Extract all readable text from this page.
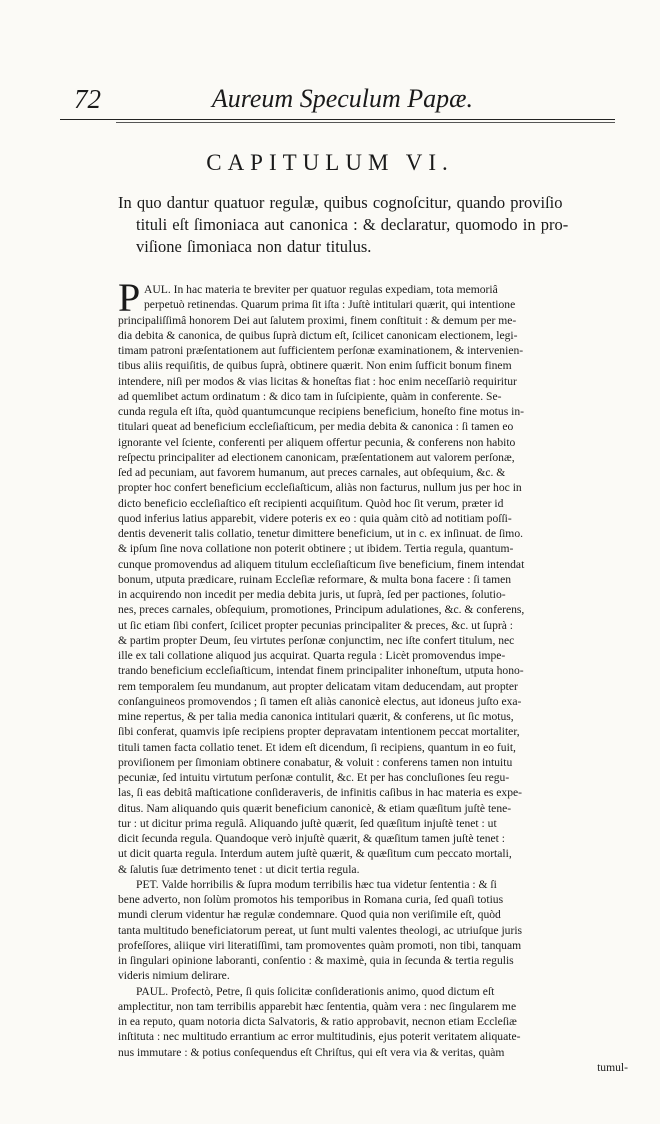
72	Aureum Speculum Papæ.
CAPITULUM VI.
In quo dantur quatuor regulæ, quibus cognoſcitur, quando proviſio
tituli eſt ſimoniaca aut canonica : & declaratur, quomodo in pro-
viſione ſimoniaca non datur titulus.
P AUL. In hac materia te breviter per quatuor regulas expediam, tota memoriâ
perpetuò retinendas. Quarum prima ſit iſta : Juſtè intitulari quærit, qui intentione
principaliſſimâ honorem Dei aut ſalutem proximi, finem conſtituit : & demum per me-
dia debita & canonica, de quibus ſuprà dictum eſt, ſcilicet canonicam electionem, legi-
timam patroni præſentationem aut ſufficientem perſonæ examinationem, & intervenien-
tibus aliis requiſitis, de quibus ſuprà, obtinere quærit. Non enim ſufficit bonum finem
intendere, niſi per modos & vias licitas & honeſtas fiat : hoc enim neceſſariò requiritur
ad quemlibet actum ordinatum : & dico tam in ſuſcipiente, quàm in conferente. Se-
cunda regula eſt iſta, quòd quantumcunque recipiens beneficium, honeſto fine motus in-
titulari queat ad beneficium eccleſiaſticum, per media debita & canonica : ſi tamen eo
ignorante vel ſciente, conferenti per aliquem offertur pecunia, & conferens non habito
reſpectu principaliter ad electionem canonicam, præſentationem aut valorem perſonæ,
ſed ad pecuniam, aut favorem humanum, aut preces carnales, aut obſequium, &c. &
propter hoc confert beneficium eccleſiaſticum, aliàs non facturus, nullum jus per hoc in
dicto beneficio eccleſiaſtico eſt recipienti acquiſitum. Quòd hoc ſit verum, præter id
quod inferius latius apparebit, videre poteris ex eo : quia quàm citò ad notitiam poſſi-
dentis devenerit talis collatio, tenetur dimittere beneficium, ut in c. ex inſinuat. de ſimo.
& ipſum ſine nova collatione non poterit obtinere ; ut ibidem. Tertia regula, quantum-
cunque promovendus ad aliquem titulum eccleſiaſticum ſive beneficium, finem intendat
bonum, utputa prædicare, ruinam Eccleſiæ reformare, & multa bona facere : ſi tamen
in acquirendo non incedit per media debita juris, ut ſuprà, ſed per pactiones, ſolutio-
nes, preces carnales, obſequium, promotiones, Principum adulationes, &c. & conferens,
ut ſic etiam ſibi confert, ſcilicet propter pecunias principaliter & preces, &c. ut ſuprà :
& partim propter Deum, ſeu virtutes perſonæ conjunctim, nec iſte confert titulum, nec
ille ex tali collatione aliquod jus acquirat. Quarta regula : Licèt promovendus impe-
trando beneficium eccleſiaſticum, intendat finem principaliter inhoneſtum, utputa hono-
rem temporalem ſeu mundanum, aut propter delicatam vitam deducendam, aut propter
conſanguineos promovendos ; ſi tamen eſt aliàs canonicè electus, aut idoneus juſto exa-
mine repertus, & per talia media canonica intitulari quærit, & conferens, ut ſic motus,
ſibi conferat, quamvis ipſe recipiens propter depravatam intentionem peccat mortaliter,
tituli tamen facta collatio tenet. Et idem eſt dicendum, ſi recipiens, quantum in eo fuit,
proviſionem per ſimoniam obtinere conabatur, & voluit : conferens tamen non intuitu
pecuniæ, ſed intuitu virtutum perſonæ contulit, &c. Et per has concluſiones ſeu regu-
las, ſi eas debitâ maſticatione conſideraveris, de infinitis caſibus in hac materia es expe-
ditus. Nam aliquando quis quærit beneficium canonicè, & etiam quæſitum juſtè tene-
tur : ut dicitur prima regulâ. Aliquando juſtè quærit, ſed quæſitum injuſtè tenet : ut
dicit ſecunda regula. Quandoque verò injuſtè quærit, & quæſitum tamen juſtè tenet :
ut dicit quarta regula. Interdum autem juſtè quærit, & quæſitum cum peccato mortali,
& ſalutis ſuæ detrimento tenet : ut dicit tertia regula.
PET. Valde horribilis & ſupra modum terribilis hæc tua videtur ſententia : & ſi
bene adverto, non ſolùm promotos his temporibus in Romana curia, ſed quaſi totius
mundi clerum videntur hæ regulæ condemnare. Quod quia non veriſimile eſt, quòd
tanta multitudo beneficiatorum pereat, ut ſunt multi valentes theologi, ac utriuſque juris
profeſſores, aliique viri literatiſſimi, tam promoventes quàm promoti, non tibi, tanquam
in ſingulari opinione laboranti, conſentio : & maximè, quia in ſecunda & tertia regulis
videris nimium delirare.
PAUL. Profectò, Petre, ſi quis ſolicitæ conſiderationis animo, quod dictum eſt
amplectitur, non tam terribilis apparebit hæc ſententia, quàm vera : nec ſingularem me
in ea reputo, quam notoria dicta Salvatoris, & ratio approbavit, necnon etiam Eccleſiæ
inſtituta : nec multitudo errantium ac error multitudinis, ejus poterit veritatem aliquate-
nus immutare : & potius conſequendus eſt Chriſtus, qui eſt vera via & veritas, quàm
tumul-
